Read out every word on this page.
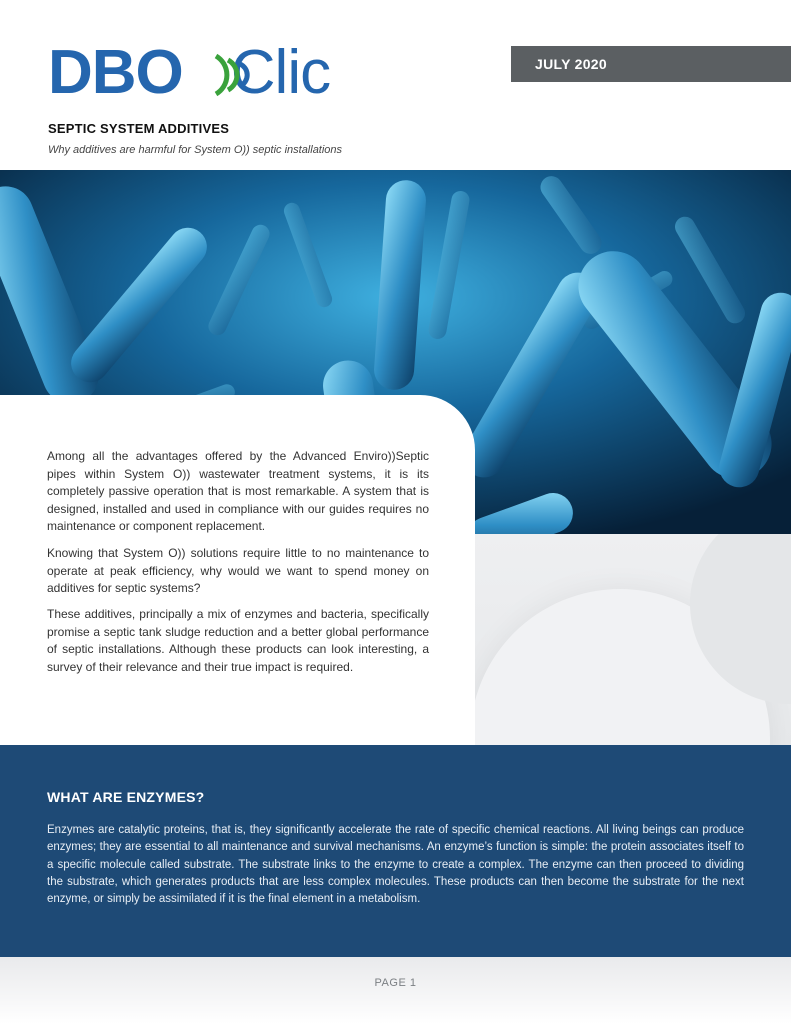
DBO Clic	JULY 2020
SEPTIC SYSTEM ADDITIVES
Why additives are harmful for System O)) septic installations

Among all the advantages offered by the Advanced Enviro))Septic pipes within System O)) wastewater treatment systems, it is its completely passive operation that is most remarkable. A system that is designed, installed and used in compliance with our guides requires no maintenance or component replacement.

Knowing that System O)) solutions require little to no maintenance to operate at peak efficiency, why would we want to spend money on additives for septic systems?

These additives, principally a mix of enzymes and bacteria, specifically promise a septic tank sludge reduction and a better global performance of septic installations. Although these products can look interesting, a survey of their relevance and their true impact is required.

WHAT ARE ENZYMES?

Enzymes are catalytic proteins, that is, they significantly accelerate the rate of specific chemical reactions. All living beings can produce enzymes; they are essential to all maintenance and survival mechanisms. An enzyme’s function is simple: the protein associates itself to a specific molecule called substrate. The substrate links to the enzyme to create a complex. The enzyme can then proceed to dividing the substrate, which generates products that are less complex molecules. These products can then become the substrate for the next enzyme, or simply be assimilated if it is the final element in a metabolism.

PAGE 1
